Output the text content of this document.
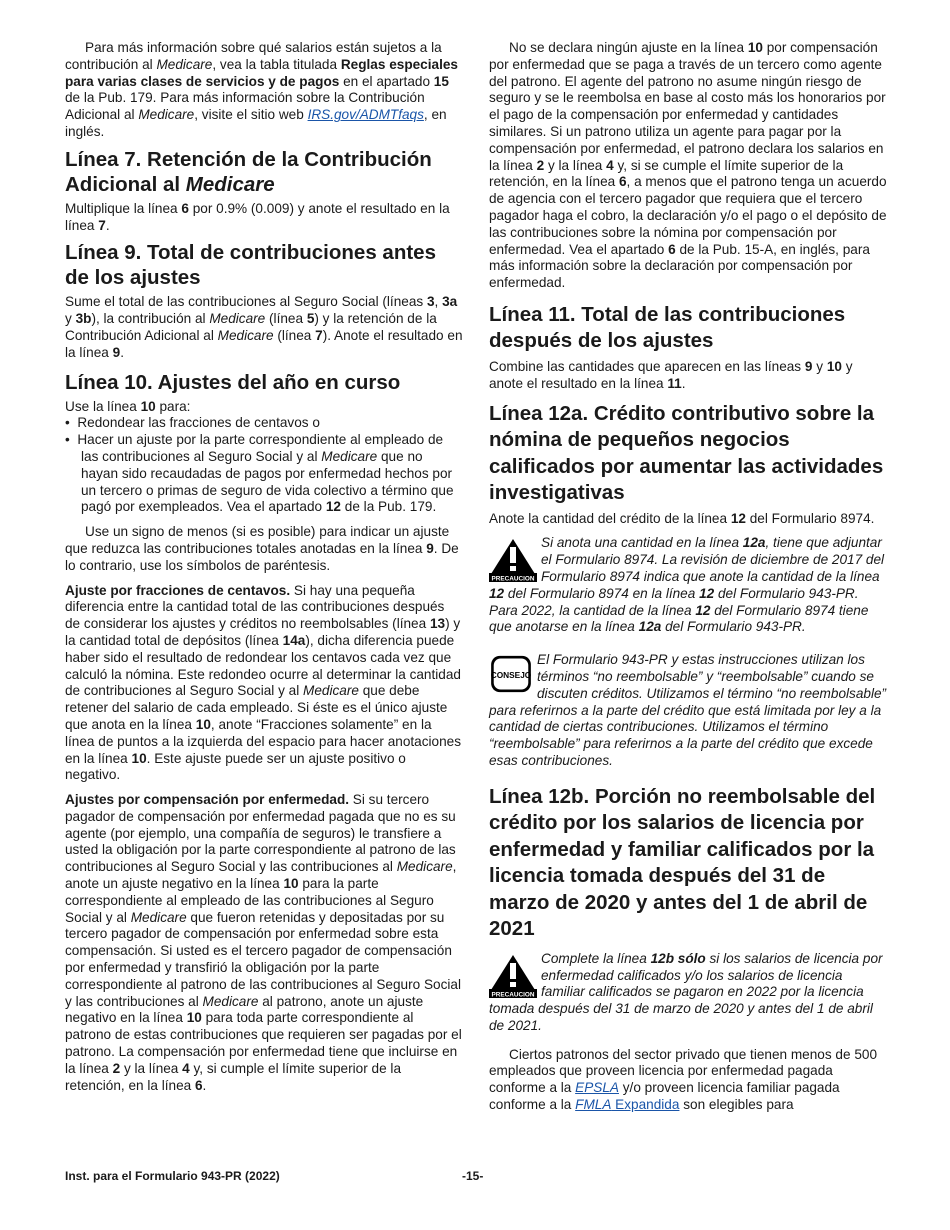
Para más información sobre qué salarios están sujetos a la contribución al Medicare, vea la tabla titulada Reglas especiales para varias clases de servicios y de pagos en el apartado 15 de la Pub. 179. Para más información sobre la Contribución Adicional al Medicare, visite el sitio web IRS.gov/ADMTfaqs, en inglés.

Línea 7. Retención de la Contribución Adicional al Medicare

Multiplique la línea 6 por 0.9% (0.009) y anote el resultado en la línea 7.

Línea 9. Total de contribuciones antes de los ajustes

Sume el total de las contribuciones al Seguro Social (líneas 3, 3a y 3b), la contribución al Medicare (línea 5) y la retención de la Contribución Adicional al Medicare (línea 7). Anote el resultado en la línea 9.

Línea 10. Ajustes del año en curso

Use la línea 10 para:

•  Redondear las fracciones de centavos o

•  Hacer un ajuste por la parte correspondiente al empleado de las contribuciones al Seguro Social y al Medicare que no hayan sido recaudadas de pagos por enfermedad hechos por un tercero o primas de seguro de vida colectivo a término que pagó por exempleados. Vea el apartado 12 de la Pub. 179.

Use un signo de menos (si es posible) para indicar un ajuste que reduzca las contribuciones totales anotadas en la línea 9. De lo contrario, use los símbolos de paréntesis.

Ajuste por fracciones de centavos. Si hay una pequeña diferencia entre la cantidad total de las contribuciones después de considerar los ajustes y créditos no reembolsables (línea 13) y la cantidad total de depósitos (línea 14a), dicha diferencia puede haber sido el resultado de redondear los centavos cada vez que calculó la nómina. Este redondeo ocurre al determinar la cantidad de contribuciones al Seguro Social y al Medicare que debe retener del salario de cada empleado. Si éste es el único ajuste que anota en la línea 10, anote “Fracciones solamente” en la línea de puntos a la izquierda del espacio para hacer anotaciones en la línea 10. Este ajuste puede ser un ajuste positivo o negativo.

Ajustes por compensación por enfermedad. Si su tercero pagador de compensación por enfermedad pagada que no es su agente (por ejemplo, una compañía de seguros) le transfiere a usted la obligación por la parte correspondiente al patrono de las contribuciones al Seguro Social y las contribuciones al Medicare, anote un ajuste negativo en la línea 10 para la parte correspondiente al empleado de las contribuciones al Seguro Social y al Medicare que fueron retenidas y depositadas por su tercero pagador de compensación por enfermedad sobre esta compensación. Si usted es el tercero pagador de compensación por enfermedad y transfirió la obligación por la parte correspondiente al patrono de las contribuciones al Seguro Social y las contribuciones al Medicare al patrono, anote un ajuste negativo en la línea 10 para toda parte correspondiente al patrono de estas contribuciones que requieren ser pagadas por el patrono. La compensación por enfermedad tiene que incluirse en la línea 2 y la línea 4 y, si cumple el límite superior de la retención, en la línea 6.

No se declara ningún ajuste en la línea 10 por compensación por enfermedad que se paga a través de un tercero como agente del patrono. El agente del patrono no asume ningún riesgo de seguro y se le reembolsa en base al costo más los honorarios por el pago de la compensación por enfermedad y cantidades similares. Si un patrono utiliza un agente para pagar por la compensación por enfermedad, el patrono declara los salarios en la línea 2 y la línea 4 y, si se cumple el límite superior de la retención, en la línea 6, a menos que el patrono tenga un acuerdo de agencia con el tercero pagador que requiera que el tercero pagador haga el cobro, la declaración y/o el pago o el depósito de las contribuciones sobre la nómina por compensación por enfermedad. Vea el apartado 6 de la Pub. 15-A, en inglés, para más información sobre la declaración por compensación por enfermedad.

Línea 11. Total de las contribuciones después de los ajustes

Combine las cantidades que aparecen en las líneas 9 y 10 y anote el resultado en la línea 11.

Línea 12a. Crédito contributivo sobre la nómina de pequeños negocios calificados por aumentar las actividades investigativas

Anote la cantidad del crédito de la línea 12 del Formulario 8974.

PRECAUCION
Si anota una cantidad en la línea 12a, tiene que adjuntar el Formulario 8974. La revisión de diciembre de 2017 del Formulario 8974 indica que anote la cantidad de la línea 12 del Formulario 8974 en la línea 12 del Formulario 943-PR. Para 2022, la cantidad de la línea 12 del Formulario 8974 tiene que anotarse en la línea 12a del Formulario 943-PR.
CONSEJO
El Formulario 943-PR y estas instrucciones utilizan los términos “no reembolsable” y “reembolsable” cuando se discuten créditos. Utilizamos el término “no reembolsable” para referirnos a la parte del crédito que está limitada por ley a la cantidad de ciertas contribuciones. Utilizamos el término “reembolsable” para referirnos a la parte del crédito que excede esas contribuciones.
Línea 12b. Porción no reembolsable del crédito por los salarios de licencia por enfermedad y familiar calificados por la licencia tomada después del 31 de marzo de 2020 y antes del 1 de abril de 2021
PRECAUCION
Complete la línea 12b sólo si los salarios de licencia por enfermedad calificados y/o los salarios de licencia familiar calificados se pagaron en 2022 por la licencia tomada después del 31 de marzo de 2020 y antes del 1 de abril de 2021.

Ciertos patronos del sector privado que tienen menos de 500 empleados que proveen licencia por enfermedad pagada conforme a la EPSLA y/o proveen licencia familiar pagada conforme a la FMLA Expandida son elegibles para

Inst. para el Formulario 943-PR (2022)	-15-
